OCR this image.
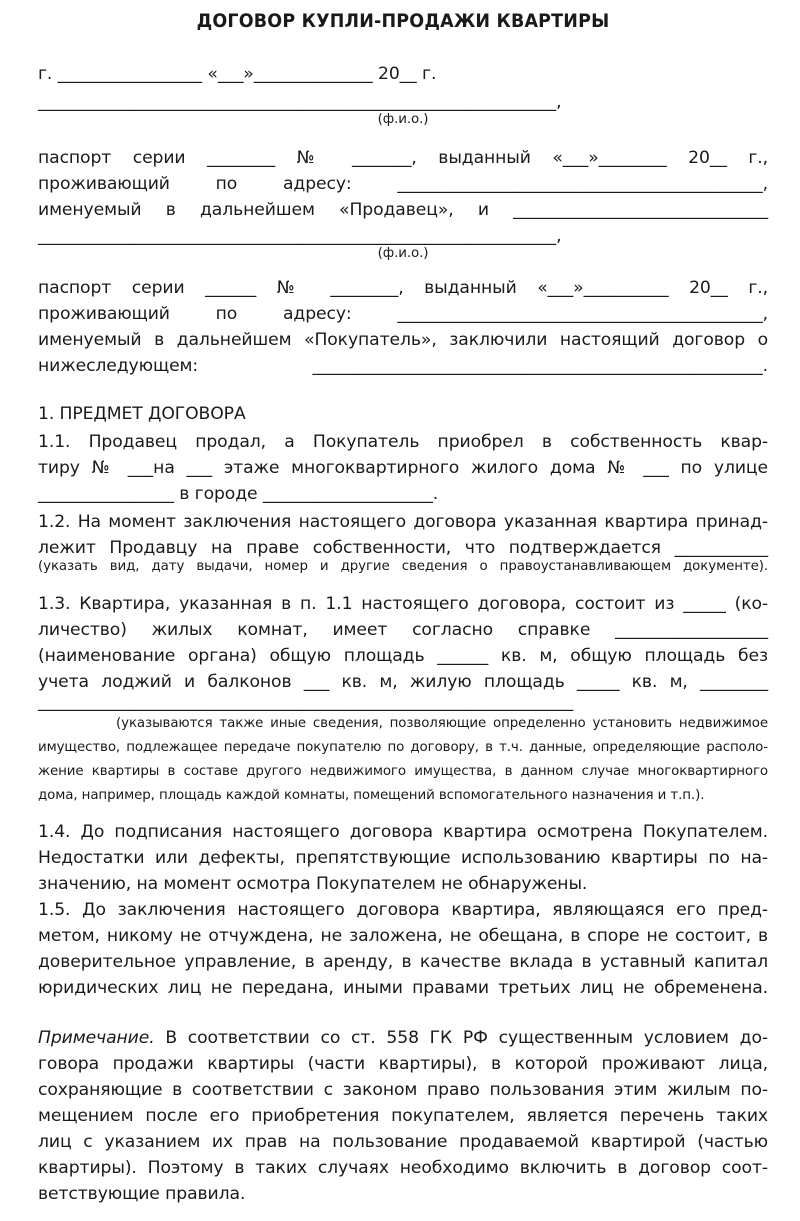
ДОГОВОР КУПЛИ-ПРОДАЖИ КВАРТИРЫ
г. _________________ «___»______________ 20__ г.
_____________________________________________________________,
(ф.и.о.)
паспорт серии ________ № _______, выданный «___»________ 20__ г.,
проживающий по адресу: ___________________________________________,
именуемый в дальнейшем «Продавец», и ______________________________
_____________________________________________________________,
(ф.и.о.)
паспорт серии ______ № ________, выданный «___»__________ 20__ г.,
проживающий по адресу: ___________________________________________,
именуемый в дальнейшем «Покупатель», заключили настоящий договор о
нижеследующем: _____________________________________________________.
1. ПРЕДМЕТ ДОГОВОРА
1.1. Продавец продал, а Покупатель приобрел в собственность квар-
тиру № ___на ___ этаже многоквартирного жилого дома № ___ по улице
________________ в городе ____________________.
1.2. На момент заключения настоящего договора указанная квартира принад-
лежит Продавцу на праве собственности, что подтверждается ___________
(указать вид, дату выдачи, номер и другие сведения о правоустанавливающем документе).
1.3. Квартира, указанная в п. 1.1 настоящего договора, состоит из _____ (ко-
личество) жилых комнат, имеет согласно справке __________________
(наименование органа) общую площадь ______ кв. м, общую площадь без
учета лоджий и балконов ___ кв. м, жилую площадь _____ кв. м, ________
_______________________________________________________________
(указываются также иные сведения, позволяющие определенно установить недвижимое
имущество, подлежащее передаче покупателю по договору, в т.ч. данные, определяющие располо-
жение квартиры в составе другого недвижимого имущества, в данном случае многоквартирного
дома, например, площадь каждой комнаты, помещений вспомогательного назначения и т.п.).
1.4. До подписания настоящего договора квартира осмотрена Покупателем.
Недостатки или дефекты, препятствующие использованию квартиры по на-
значению, на момент осмотра Покупателем не обнаружены.
1.5. До заключения настоящего договора квартира, являющаяся его пред-
метом, никому не отчуждена, не заложена, не обещана, в споре не состоит, в
доверительное управление, в аренду, в качестве вклада в уставный капитал
юридических лиц не передана, иными правами третьих лиц не обременена.
Примечание. В соответствии со ст. 558 ГК РФ существенным условием до-
говора продажи квартиры (части квартиры), в которой проживают лица,
сохраняющие в соответствии с законом право пользования этим жилым по-
мещением после его приобретения покупателем, является перечень таких
лиц с указанием их прав на пользование продаваемой квартирой (частью
квартиры). Поэтому в таких случаях необходимо включить в договор соот-
ветствующие правила.
